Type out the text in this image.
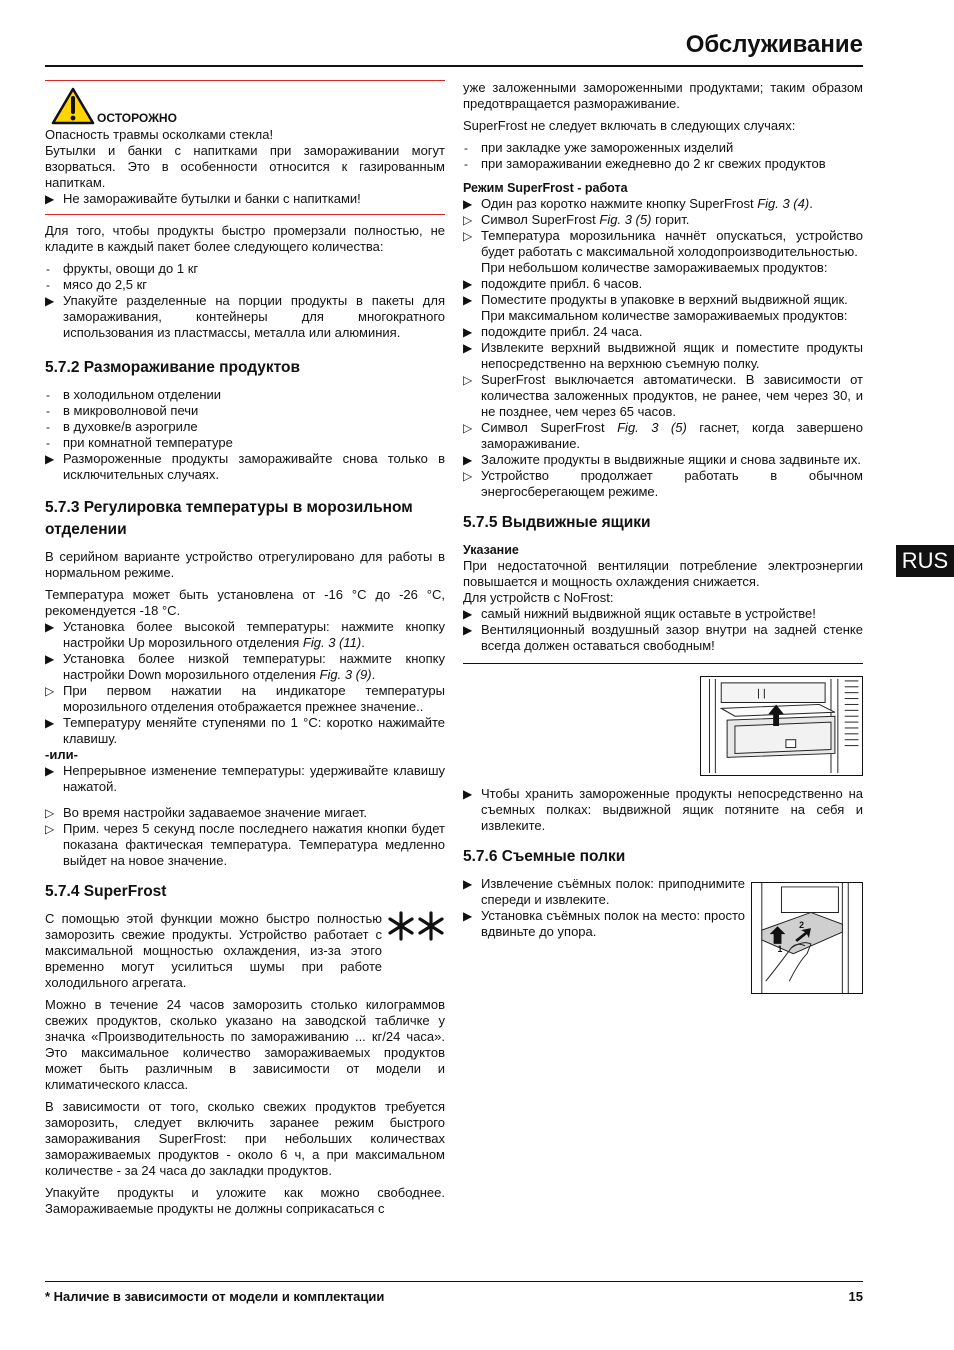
Обслуживание
ОСТОРОЖНО

Опасность травмы осколками стекла!

Бутылки и банки с напитками при замораживании могут взорваться. Это в особенности относится к газированным напиткам.

▶ Не замораживайте бутылки и банки с напитками!

Для того, чтобы продукты быстро промерзали полностью, не кладите в каждый пакет более следующего количества:

-	фрукты, овощи до 1 кг
-	мясо до 2,5 кг
▶ Упакуйте разделенные на порции продукты в пакеты для замораживания, контейнеры для многократного использования из пластмассы, металла или алюминия.
5.7.2 Размораживание продуктов
-	в холодильном отделении
-	в микроволновой печи
-	в духовке/в аэрогриле
-	при комнатной температуре
▶ Размороженные продукты замораживайте снова только в исключительных случаях.
5.7.3 Регулировка температуры в морозильном отделении

В серийном варианте устройство отрегулировано для работы в нормальном режиме.

Температура может быть установлена от -16 °C до -26 °C, рекомендуется -18 °C.

▶ Установка более высокой температуры: нажмите кнопку настройки Up морозильного отделения Fig. 3 (11).
▶ Установка более низкой температуры: нажмите кнопку настройки Down морозильного отделения Fig. 3 (9).
▷ При первом нажатии на индикаторе температуры морозильного отделения отображается прежнее значение..
▶ Температуру меняйте ступенями по 1 °C: коротко нажимайте клавишу.
-или-
▶ Непрерывное изменение температуры: удерживайте клавишу нажатой.
▷ Во время настройки задаваемое значение мигает.
▷ Прим. через 5 секунд после последнего нажатия кнопки будет показана фактическая температура. Температура медленно выйдет на новое значение.
5.7.4 SuperFrost

С помощью этой функции можно быстро полностью заморозить свежие продукты. Устройство работает с максимальной мощностью охлаждения, из-за этого временно могут усилиться шумы при работе холодильного агрегата.

Можно в течение 24 часов заморозить столько килограммов свежих продуктов, сколько указано на заводской табличке у значка «Производительность по замораживанию ... кг/24 часа». Это максимальное количество замораживаемых продуктов может быть различным в зависимости от модели и климатического класса.

В зависимости от того, сколько свежих продуктов требуется заморозить, следует включить заранее режим быстрого замораживания SuperFrost: при небольших количествах замораживаемых продуктов - около 6 ч, а при максимальном количестве - за 24 часа до закладки продуктов.

Упакуйте продукты и уложите как можно свободнее. Замораживаемые продукты не должны соприкасаться с

уже заложенными замороженными продуктами; таким образом предотвращается размораживание.

SuperFrost не следует включать в следующих случаях:

-	при закладке уже замороженных изделий
-	при замораживании ежедневно до 2 кг свежих продуктов
Режим SuperFrost - работа
▶ Один раз коротко нажмите кнопку SuperFrost Fig. 3 (4).
▷ Символ SuperFrost Fig. 3 (5) горит.
▷ Температура морозильника начнёт опускаться, устройство будет работать с максимальной холодопроизводительностью.
При небольшом количестве замораживаемых продуктов:
▶ подождите прибл. 6 часов.
▶ Поместите продукты в упаковке в верхний выдвижной ящик.
При максимальном количестве замораживаемых продуктов:
▶ подождите прибл. 24 часа.
▶ Извлеките верхний выдвижной ящик и поместите продукты непосредственно на верхнюю съемную полку.
▷ SuperFrost выключается автоматически. В зависимости от количества заложенных продуктов, не ранее, чем через 30, и не позднее, чем через 65 часов.
▷ Символ SuperFrost Fig. 3 (5) гаснет, когда завершено замораживание.
▶ Заложите продукты в выдвижные ящики и снова задвиньте их.
▷ Устройство продолжает работать в обычном энергосберегающем режиме.
5.7.5 Выдвижные ящики
Указание

При недостаточной вентиляции потребление электроэнергии повышается и мощность охлаждения снижается.

Для устройств с NoFrost:

▶ самый нижний выдвижной ящик оставьте в устройстве!
▶ Вентиляционный воздушный зазор внутри на задней стенке всегда должен оставаться свободным!
▶ Чтобы хранить замороженные продукты непосредственно на съемных полках: выдвижной ящик потяните на себя и извлеките.
5.7.6 Съемные полки
▶ Извлечение съёмных полок: приподнимите спереди и извлеките.
▶ Установка съёмных полок на место: просто вдвиньте до упора.
1
2
RUS
* Наличие в зависимости от модели и комплектации	15
